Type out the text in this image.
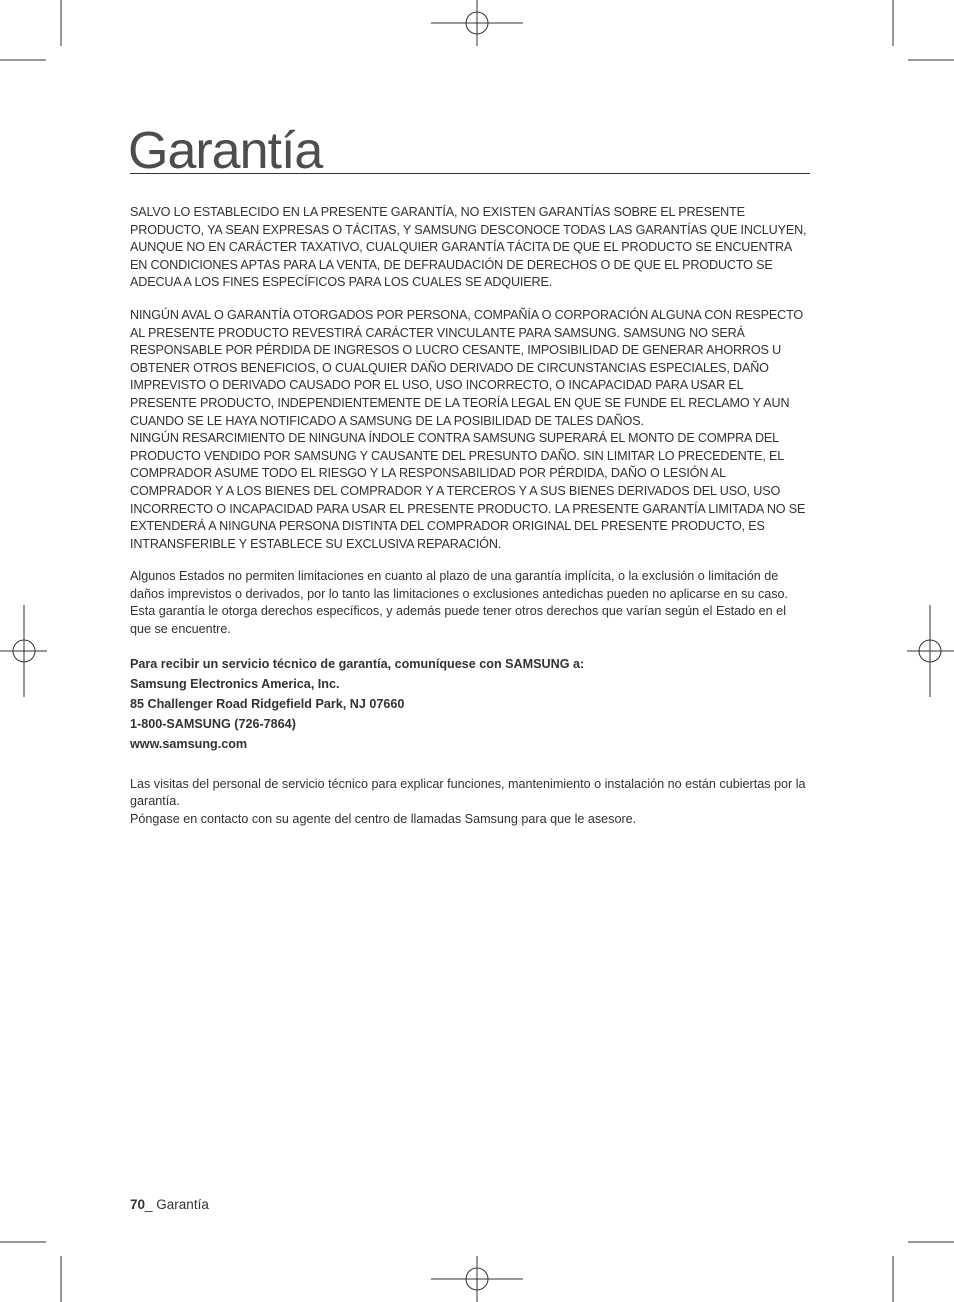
Garantía

SALVO LO ESTABLECIDO EN LA PRESENTE GARANTÍA, NO EXISTEN GARANTÍAS SOBRE EL PRESENTE PRODUCTO, YA SEAN EXPRESAS O TÁCITAS, Y SAMSUNG DESCONOCE TODAS LAS GARANTÍAS QUE INCLUYEN, AUNQUE NO EN CARÁCTER TAXATIVO, CUALQUIER GARANTÍA TÁCITA DE QUE EL PRODUCTO SE ENCUENTRA EN CONDICIONES APTAS PARA LA VENTA, DE DEFRAUDACIÓN DE DERECHOS O DE QUE EL PRODUCTO SE ADECUA A LOS FINES ESPECÍFICOS PARA LOS CUALES SE ADQUIERE.

NINGÚN AVAL O GARANTÍA OTORGADOS POR PERSONA, COMPAÑÍA O CORPORACIÓN ALGUNA CON RESPECTO AL PRESENTE PRODUCTO REVESTIRÁ CARÁCTER VINCULANTE PARA SAMSUNG. SAMSUNG NO SERÁ RESPONSABLE POR PÉRDIDA DE INGRESOS O LUCRO CESANTE, IMPOSIBILIDAD DE GENERAR AHORROS U OBTENER OTROS BENEFICIOS, O CUALQUIER DAÑO DERIVADO DE CIRCUNSTANCIAS ESPECIALES, DAÑO IMPREVISTO O DERIVADO CAUSADO POR EL USO, USO INCORRECTO, O INCAPACIDAD PARA USAR EL PRESENTE PRODUCTO, INDEPENDIENTEMENTE DE LA TEORÍA LEGAL EN QUE SE FUNDE EL RECLAMO Y AUN CUANDO SE LE HAYA NOTIFICADO A SAMSUNG DE LA POSIBILIDAD DE TALES DAÑOS.

NINGÚN RESARCIMIENTO DE NINGUNA ÍNDOLE CONTRA SAMSUNG SUPERARÁ EL MONTO DE COMPRA DEL PRODUCTO VENDIDO POR SAMSUNG Y CAUSANTE DEL PRESUNTO DAÑO. SIN LIMITAR LO PRECEDENTE, EL COMPRADOR ASUME TODO EL RIESGO Y LA RESPONSABILIDAD POR PÉRDIDA, DAÑO O LESIÓN AL COMPRADOR Y A LOS BIENES DEL COMPRADOR Y A TERCEROS Y A SUS BIENES DERIVADOS DEL USO, USO INCORRECTO O INCAPACIDAD PARA USAR EL PRESENTE PRODUCTO. LA PRESENTE GARANTÍA LIMITADA NO SE EXTENDERÁ A NINGUNA PERSONA DISTINTA DEL COMPRADOR ORIGINAL DEL PRESENTE PRODUCTO, ES INTRANSFERIBLE Y ESTABLECE SU EXCLUSIVA REPARACIÓN.

Algunos Estados no permiten limitaciones en cuanto al plazo de una garantía implícita, o la exclusión o limitación de daños imprevistos o derivados, por lo tanto las limitaciones o exclusiones antedichas pueden no aplicarse en su caso. Esta garantía le otorga derechos específicos, y además puede tener otros derechos que varían según el Estado en el que se encuentre.

Para recibir un servicio técnico de garantía, comuníquese con SAMSUNG a:
Samsung Electronics America, Inc.
85 Challenger Road Ridgefield Park, NJ 07660
1-800-SAMSUNG (726-7864)
www.samsung.com

Las visitas del personal de servicio técnico para explicar funciones, mantenimiento o instalación no están cubiertas por la garantía.

Póngase en contacto con su agente del centro de llamadas Samsung para que le asesore.

70_ Garantía
